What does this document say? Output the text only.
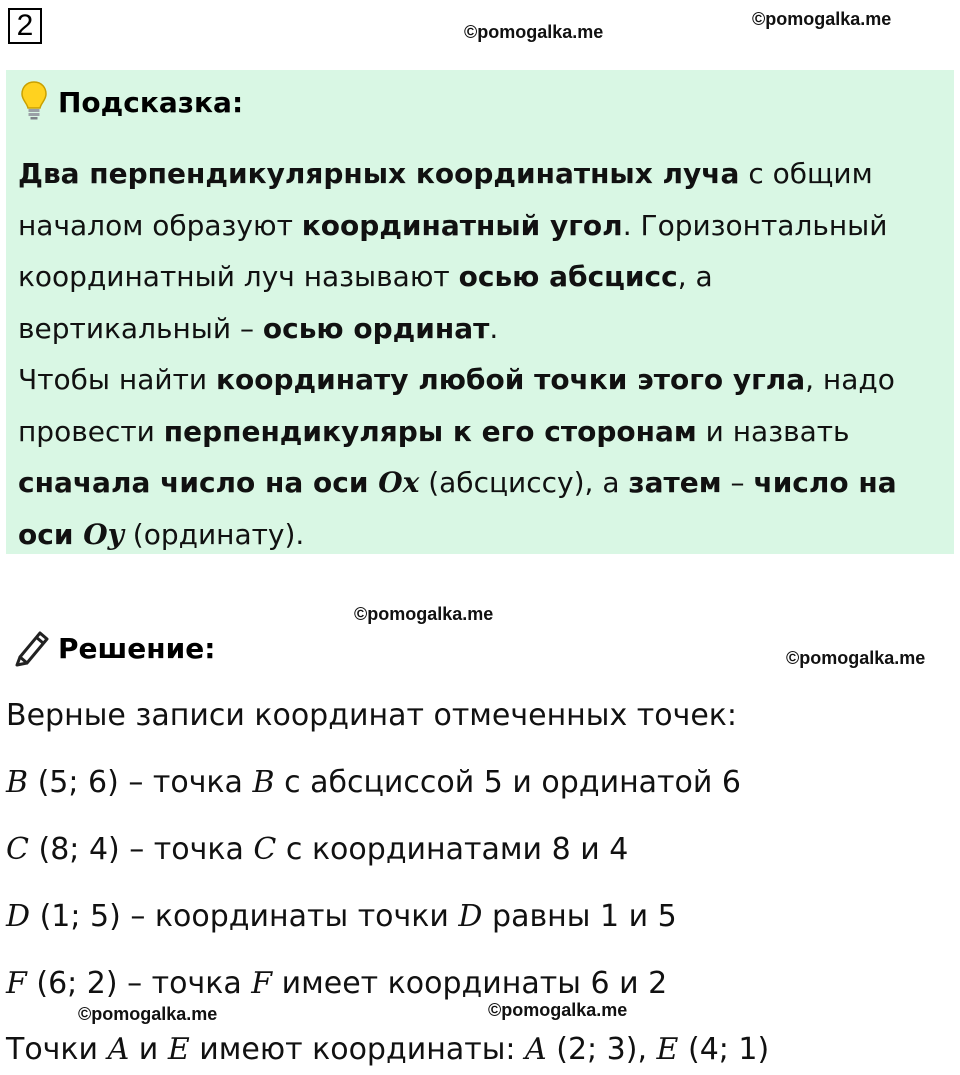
2	©pomogalka.me
©pomogalka.me
©pomogalka.me
©pomogalka.me
©pomogalka.me	©pomogalka.me
Подсказка:
Два перпендикулярных координатных луча с общим
началом образуют координатный угол. Горизонтальный
координатный луч называют осью абсцисс, а
вертикальный – осью ординат.
Чтобы найти координату любой точки этого угла, надо
провести перпендикуляры к его сторонам и назвать
сначала число на оси Ox (абсциссу), а затем – число на
оси Oy (ординату).
Решение:
Верные записи координат отмеченных точек:
B (5; 6) – точка B с абсциссой 5 и ординатой 6
C (8; 4) – точка C с координатами 8 и 4
D (1; 5) – координаты точки D равны 1 и 5
F (6; 2) – точка F имеет координаты 6 и 2
Точки A и E имеют координаты: A (2; 3), E (4; 1)
